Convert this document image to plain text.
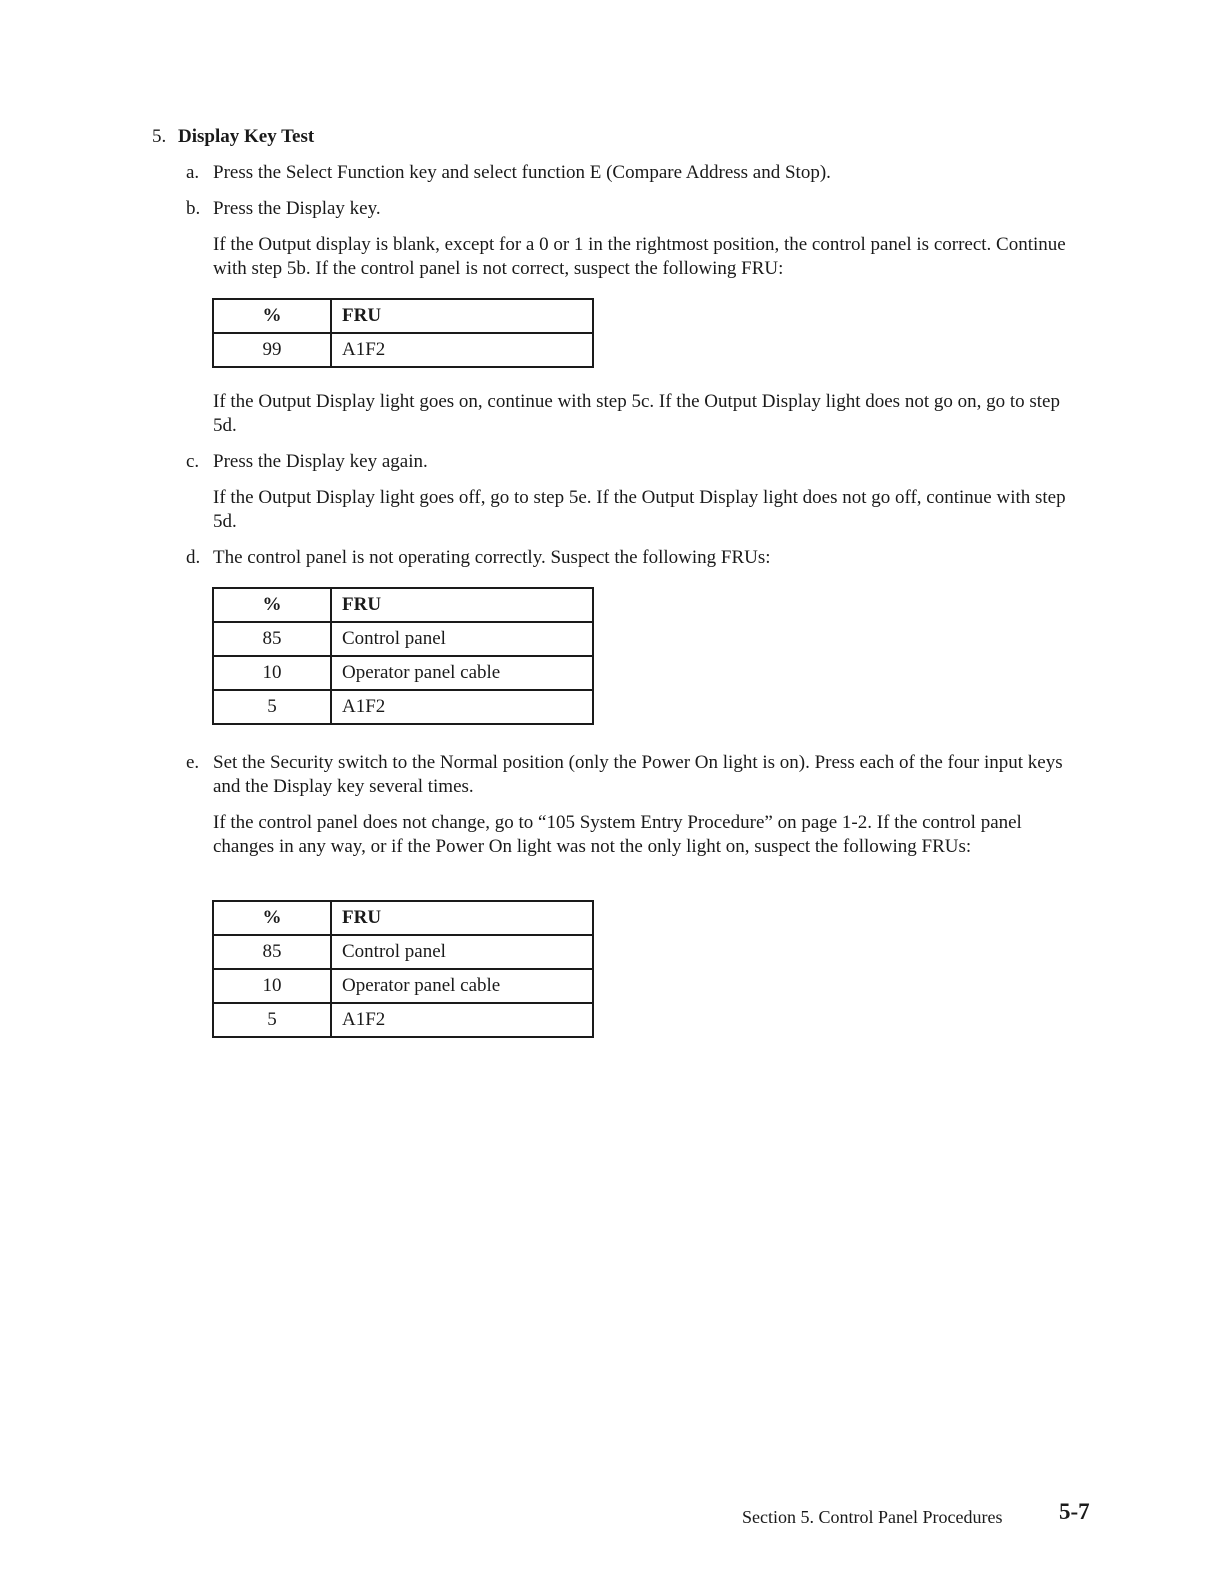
5. Display Key Test
a. Press the Select Function key and select function E (Compare Address and Stop).
b. Press the Display key.
If the Output display is blank, except for a 0 or 1 in the rightmost position, the control panel is correct. Continue with step 5b. If the control panel is not correct, suspect the following FRU:
%	FRU
99	A1F2
If the Output Display light goes on, continue with step 5c. If the Output Display light does not go on, go to step 5d.
c. Press the Display key again.
If the Output Display light goes off, go to step 5e. If the Output Display light does not go off, continue with step 5d.
d. The control panel is not operating correctly. Suspect the following FRUs:
%	FRU
85	Control panel
10	Operator panel cable
5	A1F2
e. Set the Security switch to the Normal position (only the Power On light is on). Press each of the four input keys and the Display key several times.
If the control panel does not change, go to “105 System Entry Procedure” on page 1-2. If the control panel changes in any way, or if the Power On light was not the only light on, suspect the following FRUs:
%	FRU
85	Control panel
10	Operator panel cable
5	A1F2
Section 5. Control Panel Procedures 5-7
